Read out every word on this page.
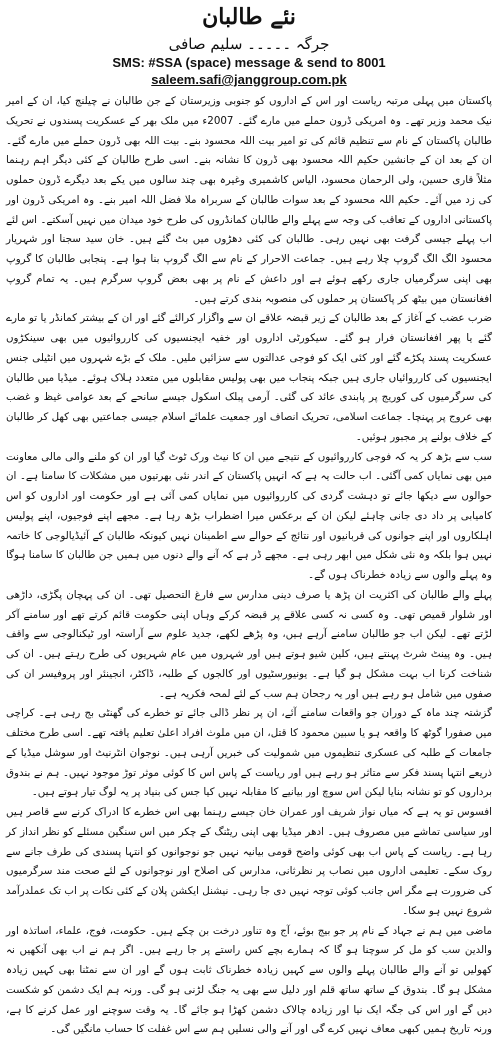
نئے طالبان
جرگہ ۔۔۔۔۔ سلیم صافی
SMS: #SSA (space) message & send to 8001
saleem.safi@janggroup.com.pk

پاکستان میں پہلی مرتبہ ریاست اور اس کے اداروں کو جنوبی وزیرستان کے جن طالبان نے چیلنج کیا، ان کے امیر نیک محمد وزیر تھے۔ وہ امریکی ڈرون حملے میں مارے گئے۔ 2007ء میں ملک بھر کے عسکریت پسندوں نے تحریک طالبان پاکستان کے نام سے تنظیم قائم کی تو امیر بیت اللہ محسود بنے۔ بیت اللہ بھی ڈرون حملے میں مارے گئے۔ ان کے بعد ان کے جانشین حکیم اللہ محسود بھی ڈرون کا نشانہ بنے۔ اسی طرح طالبان کے کئی دیگر اہم رہنما مثلاً قاری حسین، ولی الرحمان محسود، الیاس کاشمیری وغیرہ بھی چند سالوں میں یکے بعد دیگرے ڈرون حملوں کی زد میں آئے۔ حکیم اللہ محسود کے بعد سوات طالبان کے سربراہ ملا فضل اللہ امیر بنے۔ وہ امریکی ڈرون اور پاکستانی اداروں کے تعاقب کی وجہ سے پہلے والے طالبان کمانڈروں کی طرح خود میدان میں نہیں آسکتے۔ اس لئے اب پہلے جیسی گرفت بھی نہیں رہی۔ طالبان کی کئی دھڑوں میں بٹ گئے ہیں۔ خان سید سجنا اور شہریار محسود الگ الگ گروپ چلا رہے ہیں۔ جماعت الاحرار کے نام سے الگ گروپ بنا ہوا ہے۔ پنجابی طالبان کا گروپ بھی اپنی سرگرمیاں جاری رکھے ہوئے ہے اور داعش کے نام پر بھی بعض گروپ سرگرم ہیں۔ یہ تمام گروپ افغانستان میں بیٹھ کر پاکستان پر حملوں کی منصوبہ بندی کرتے ہیں۔

ضرب عضب کے آغاز کے بعد طالبان کے زیر قبضہ علاقے ان سے واگزار کرالئے گئے اور ان کے بیشتر کمانڈر یا تو مارے گئے یا پھر افغانستان فرار ہو گئے۔ سیکورٹی اداروں اور خفیہ ایجنسیوں کی کارروائیوں میں بھی سینکڑوں عسکریت پسند پکڑے گئے اور کئی ایک کو فوجی عدالتوں سے سزائیں ملیں۔ ملک کے بڑے شہروں میں انٹیلی جنس ایجنسیوں کی کارروائیاں جاری ہیں جبکہ پنجاب میں بھی پولیس مقابلوں میں متعدد ہلاک ہوئے۔ میڈیا میں طالبان کی سرگرمیوں کی کوریج پر پابندی عائد کی گئی۔ آرمی پبلک اسکول جیسے سانحے کے بعد عوامی غیظ و غضب بھی عروج پر پہنچا۔ جماعت اسلامی، تحریک انصاف اور جمعیت علمائے اسلام جیسی جماعتیں بھی کھل کر طالبان کے خلاف بولنے پر مجبور ہوئیں۔

سب سے بڑھ کر یہ کہ فوجی کارروائیوں کے نتیجے میں ان کا نیٹ ورک ٹوٹ گیا اور ان کو ملنے والی مالی معاونت میں بھی نمایاں کمی آگئی۔ اب حالت یہ ہے کہ انہیں پاکستان کے اندر نئی بھرتیوں میں مشکلات کا سامنا ہے۔ ان حوالوں سے دیکھا جائے تو دہشت گردی کی کارروائیوں میں نمایاں کمی آئی ہے اور حکومت اور اداروں کو اس کامیابی پر داد دی جانی چاہئے لیکن ان کے برعکس میرا اضطراب بڑھ رہا ہے۔ مجھے اپنے فوجیوں، اپنے پولیس اہلکاروں اور اپنے جوانوں کی قربانیوں اور نتائج کے حوالے سے اطمینان نہیں کیونکہ طالبان کے آئیڈیالوجی کا خاتمہ نہیں ہوا بلکہ وہ نئی شکل میں ابھر رہی ہے۔ مجھے ڈر ہے کہ آنے والے دنوں میں ہمیں جن طالبان کا سامنا ہوگا وہ پہلے والوں سے زیادہ خطرناک ہوں گے۔

پہلے والے طالبان کی اکثریت ان پڑھ یا صرف دینی مدارس سے فارغ التحصیل تھی۔ ان کی پہچان پگڑی، داڑھی اور شلوار قمیص تھی۔ وہ کسی نہ کسی علاقے پر قبضہ کرکے وہاں اپنی حکومت قائم کرتے تھے اور سامنے آکر لڑتے تھے۔ لیکن اب جو طالبان سامنے آرہے ہیں، وہ پڑھے لکھے، جدید علوم سے آراستہ اور ٹیکنالوجی سے واقف ہیں۔ وہ پینٹ شرٹ پہنتے ہیں، کلین شیو ہوتے ہیں اور شہروں میں عام شہریوں کی طرح رہتے ہیں۔ ان کی شناخت کرنا اب بہت مشکل ہو گیا ہے۔ یونیورسٹیوں اور کالجوں کے طلبہ، ڈاکٹر، انجینئر اور پروفیسر ان کی صفوں میں شامل ہو رہے ہیں اور یہ رجحان ہم سب کے لئے لمحہ فکریہ ہے۔

گزشتہ چند ماہ کے دوران جو واقعات سامنے آئے، ان پر نظر ڈالی جائے تو خطرے کی گھنٹی بج رہی ہے۔ کراچی میں صفورا گوٹھ کا واقعہ ہو یا سبین محمود کا قتل، ان میں ملوث افراد اعلیٰ تعلیم یافتہ تھے۔ اسی طرح مختلف جامعات کے طلبہ کی عسکری تنظیموں میں شمولیت کی خبریں آرہی ہیں۔ نوجوان انٹرنیٹ اور سوشل میڈیا کے ذریعے انتہا پسند فکر سے متاثر ہو رہے ہیں اور ریاست کے پاس اس کا کوئی موثر توڑ موجود نہیں۔ ہم نے بندوق برداروں کو تو نشانہ بنایا لیکن اس سوچ اور بیانیے کا مقابلہ نہیں کیا جس کی بنیاد پر یہ لوگ تیار ہوتے ہیں۔

افسوس تو یہ ہے کہ میاں نواز شریف اور عمران خان جیسے رہنما بھی اس خطرے کا ادراک کرنے سے قاصر ہیں اور سیاسی تماشے میں مصروف ہیں۔ ادھر میڈیا بھی اپنی ریٹنگ کے چکر میں اس سنگین مسئلے کو نظر انداز کر رہا ہے۔ ریاست کے پاس اب بھی کوئی واضح قومی بیانیہ نہیں جو نوجوانوں کو انتہا پسندی کی طرف جانے سے روک سکے۔ تعلیمی اداروں میں نصاب پر نظرثانی، مدارس کی اصلاح اور نوجوانوں کے لئے صحت مند سرگرمیوں کی ضرورت ہے مگر اس جانب کوئی توجہ نہیں دی جا رہی۔ نیشنل ایکشن پلان کے کئی نکات پر اب تک عملدرآمد شروع نہیں ہو سکا۔

ماضی میں ہم نے جہاد کے نام پر جو بیج بوئے، آج وہ تناور درخت بن چکے ہیں۔ حکومت، فوج، علماء، اساتذہ اور والدین سب کو مل کر سوچنا ہو گا کہ ہمارے بچے کس راستے پر جا رہے ہیں۔ اگر ہم نے اب بھی آنکھیں نہ کھولیں تو آنے والے طالبان پہلے والوں سے کہیں زیادہ خطرناک ثابت ہوں گے اور ان سے نمٹنا بھی کہیں زیادہ مشکل ہو گا۔ بندوق کے ساتھ ساتھ قلم اور دلیل سے بھی یہ جنگ لڑنی ہو گی۔ ورنہ ہم ایک دشمن کو شکست دیں گے اور اس کی جگہ ایک نیا اور زیادہ چالاک دشمن کھڑا ہو جائے گا۔ یہ وقت سوچنے اور عمل کرنے کا ہے، ورنہ تاریخ ہمیں کبھی معاف نہیں کرے گی اور آنے والی نسلیں ہم سے اس غفلت کا حساب مانگیں گی۔
